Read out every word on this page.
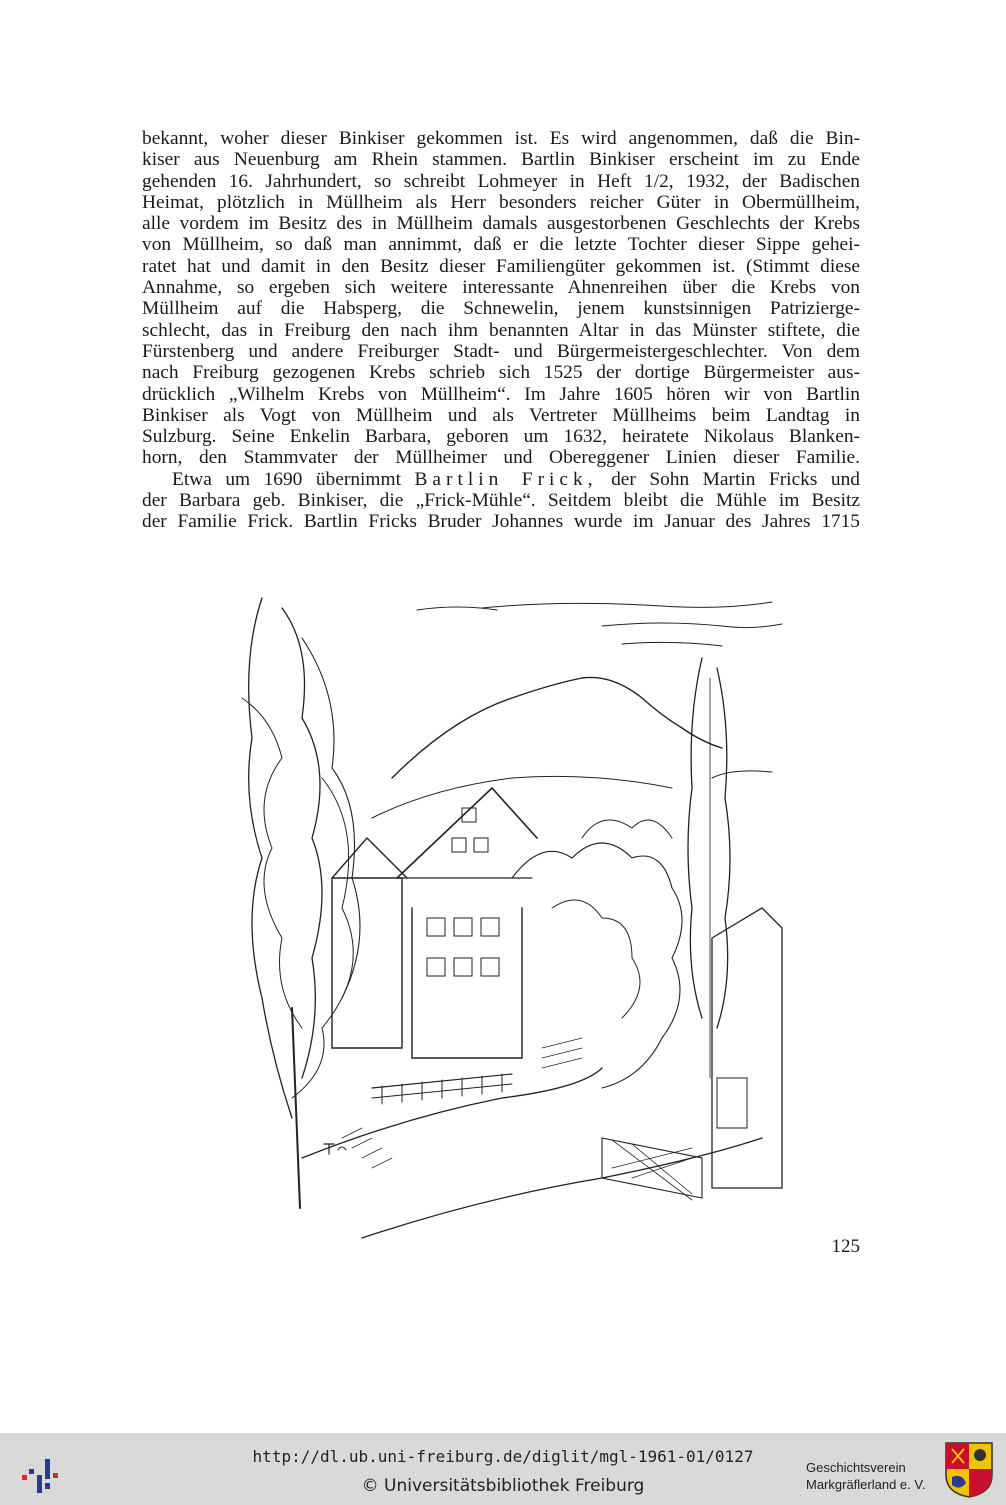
bekannt, woher dieser Binkiser gekommen ist. Es wird angenommen, daß die Bin-
kiser aus Neuenburg am Rhein stammen. Bartlin Binkiser erscheint im zu Ende
gehenden 16. Jahrhundert, so schreibt Lohmeyer in Heft 1/2, 1932, der Badischen
Heimat, plötzlich in Müllheim als Herr besonders reicher Güter in Obermüllheim,
alle vordem im Besitz des in Müllheim damals ausgestorbenen Geschlechts der Krebs
von Müllheim, so daß man annimmt, daß er die letzte Tochter dieser Sippe gehei-
ratet hat und damit in den Besitz dieser Familiengüter gekommen ist. (Stimmt diese
Annahme, so ergeben sich weitere interessante Ahnenreihen über die Krebs von
Müllheim auf die Habsperg, die Schnewelin, jenem kunstsinnigen Patrizierge-
schlecht, das in Freiburg den nach ihm benannten Altar in das Münster stiftete, die
Fürstenberg und andere Freiburger Stadt- und Bürgermeistergeschlechter. Von dem
nach Freiburg gezogenen Krebs schrieb sich 1525 der dortige Bürgermeister aus-
drücklich „Wilhelm Krebs von Müllheim“. Im Jahre 1605 hören wir von Bartlin
Binkiser als Vogt von Müllheim und als Vertreter Müllheims beim Landtag in
Sulzburg. Seine Enkelin Barbara, geboren um 1632, heiratete Nikolaus Blanken-
horn, den Stammvater der Müllheimer und Obereggener Linien dieser Familie.
Etwa um 1690 übernimmt Bartlin Frick, der Sohn Martin Fricks und
der Barbara geb. Binkiser, die „Frick-Mühle“. Seitdem bleibt die Mühle im Besitz
der Familie Frick. Bartlin Fricks Bruder Johannes wurde im Januar des Jahres 1715
125
http://dl.ub.uni-freiburg.de/diglit/mgl-1961-01/0127
© Universitätsbibliothek Freiburg
Geschichtsverein
Markgräflerland e. V.
